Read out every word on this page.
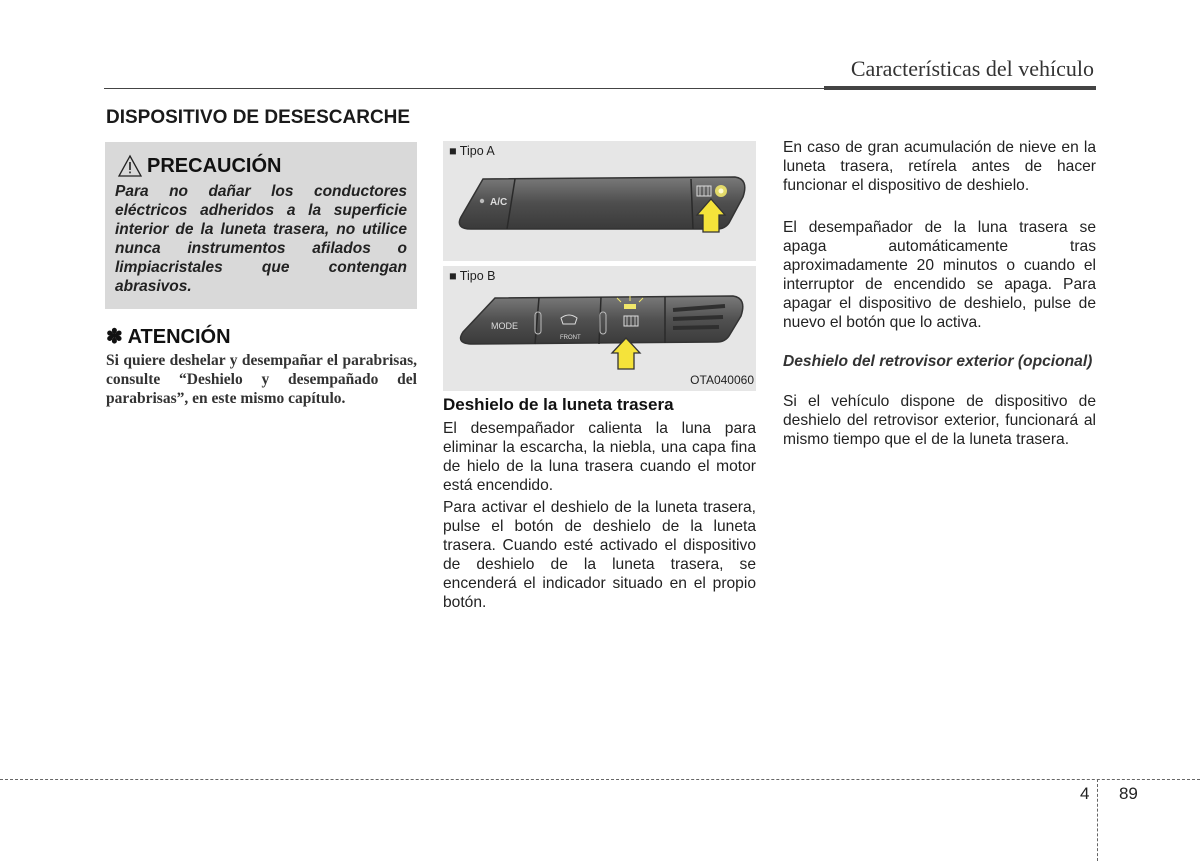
Características del vehículo
DISPOSITIVO DE DESESCARCHE
PRECAUCIÓN
Para no dañar los conductores eléctricos adheridos a la superficie interior de la luneta trasera, no utilice nunca instrumentos afilados o limpiacristales que contengan abrasivos.
✽ ATENCIÓN
Si quiere deshelar y desempañar el parabrisas, consulte “Deshielo y desempañado del parabrisas”, en este mismo capítulo.
■ Tipo A
A/C
■ Tipo B
MODE
FRONT
OTA040060
Deshielo de la luneta trasera
El desempañador calienta la luna para eliminar la escarcha, la niebla, una capa fina de hielo de la luna trasera cuando el motor está encendido.
Para activar el deshielo de la luneta trasera, pulse el botón de deshielo de la luneta trasera. Cuando esté activado el dispositivo de deshielo de la luneta trasera, se encenderá el indicador situado en el propio botón.
En caso de gran acumulación de nieve en la luneta trasera, retírela antes de hacer funcionar el dispositivo de deshielo.
El desempañador de la luna trasera se apaga automáticamente tras aproximadamente 20 minutos o cuando el interruptor de encendido se apaga. Para apagar el dispositivo de deshielo, pulse de nuevo el botón que lo activa.
Deshielo del retrovisor exterior (opcional)
Si el vehículo dispone de dispositivo de deshielo del retrovisor exterior, funcionará al mismo tiempo que el de la luneta trasera.
4 89
